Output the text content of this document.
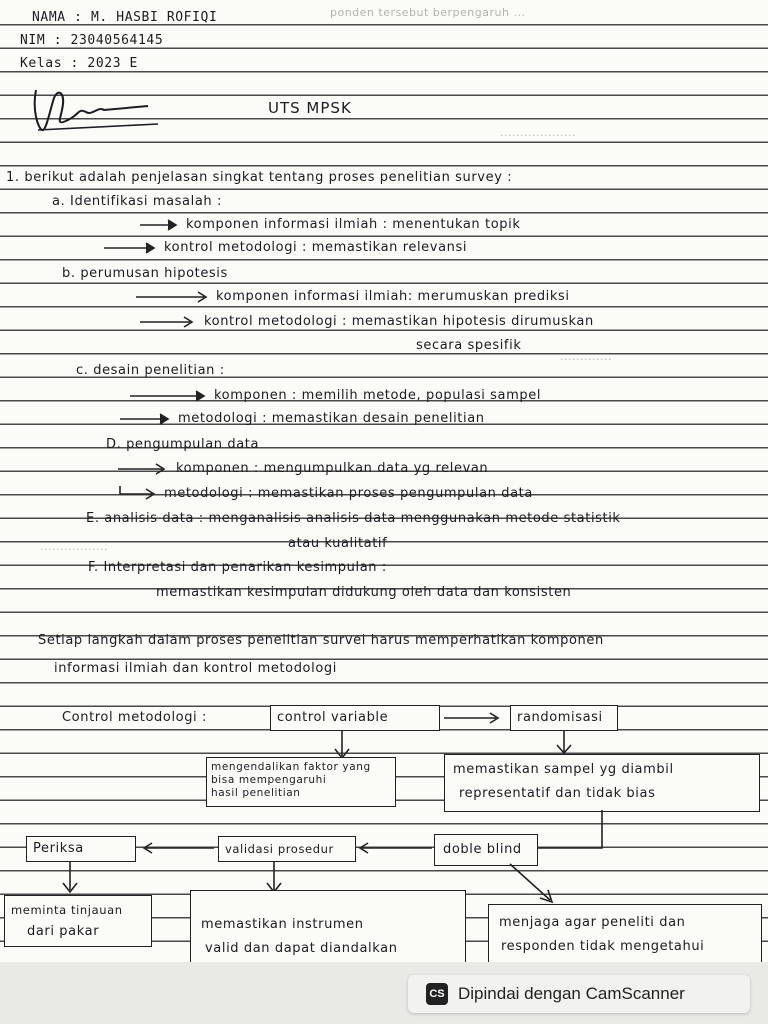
ponden tersebut berpengaruh ...
...................
.............
.................
NAMA : M. HASBI ROFIQI
NIM : 23040564145
Kelas : 2023 E
UTS MPSK
1. berikut adalah penjelasan singkat tentang proses penelitian survey :
a. Identifikasi masalah :
komponen informasi ilmiah : menentukan topik
kontrol metodologi : memastikan relevansi
b. perumusan hipotesis
komponen informasi ilmiah: merumuskan prediksi
kontrol metodologi : memastikan hipotesis dirumuskan
secara spesifik
c. desain penelitian :
komponen : memilih metode, populasi sampel
metodologi : memastikan desain penelitian
D. pengumpulan data
komponen : mengumpulkan data yg relevan
metodologi : memastikan proses pengumpulan data
E. analisis data : menganalisis analisis data menggunakan metode statistik
atau kualitatif
F. Interpretasi dan penarikan kesimpulan :
memastikan kesimpulan didukung oleh data dan konsisten
Setiap langkah dalam proses penelitian survei harus memperhatikan komponen
informasi ilmiah dan kontrol metodologi
Control metodologi :	control variable	randomisasi
mengendalikan faktor yang
bisa mempengaruhi
hasil penelitian
memastikan sampel yg diambil
representatif dan tidak bias
Periksa	validasi prosedur	doble blind
meminta tinjauan
dari pakar	memastikan instrumen
valid dan dapat diandalkan
menjaga agar peneliti dan
responden tidak mengetahui
CS Dipindai dengan CamScanner
